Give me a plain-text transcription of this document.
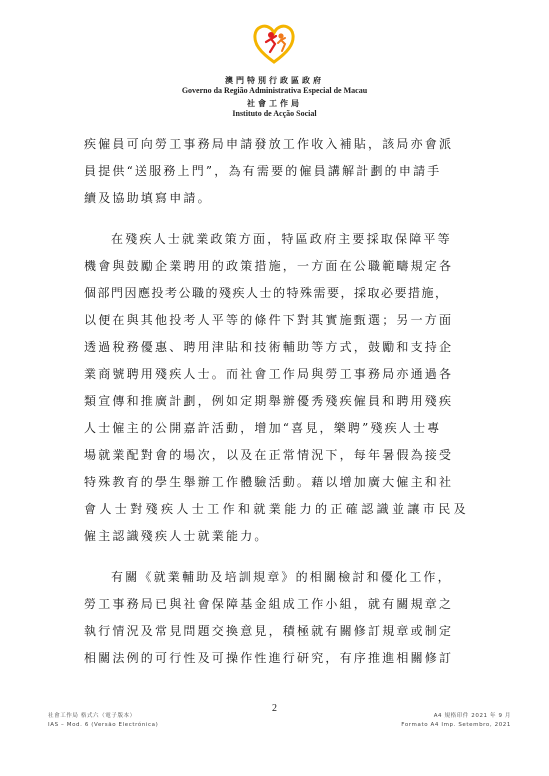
澳門特別行政區政府
Governo da Região Administrativa Especial de Macau
社會工作局
Instituto de Acção Social
疾僱員可向勞工事務局申請發放工作收入補貼，該局亦會派
員提供“送服務上門”，為有需要的僱員講解計劃的申請手
續及協助填寫申請。
在殘疾人士就業政策方面，特區政府主要採取保障平等
機會與鼓勵企業聘用的政策措施，一方面在公職範疇規定各
個部門因應投考公職的殘疾人士的特殊需要，採取必要措施，
以便在與其他投考人平等的條件下對其實施甄選；另一方面
透過稅務優惠、聘用津貼和技術輔助等方式，鼓勵和支持企
業商號聘用殘疾人士。而社會工作局與勞工事務局亦通過各
類宣傳和推廣計劃，例如定期舉辦優秀殘疾僱員和聘用殘疾
人士僱主的公開嘉許活動，增加“喜見，樂聘”殘疾人士專
場就業配對會的場次，以及在正常情況下，每年暑假為接受
特殊教育的學生舉辦工作體驗活動。藉以增加廣大僱主和社
會人士對殘疾人士工作和就業能力的正確認識並讓市民及
僱主認識殘疾人士就業能力。
有關《就業輔助及培訓規章》的相關檢討和優化工作，
勞工事務局已與社會保障基金組成工作小組，就有關規章之
執行情況及常見問題交換意見，積極就有關修訂規章或制定
相關法例的可行性及可操作性進行研究，有序推進相關修訂
2
社會工作局 格式六（電子版本）
IAS – Mod. 6 (Versão Electrónica)
A4 規格印件 2021 年 9 月
Formato A4 Imp. Setembro, 2021
